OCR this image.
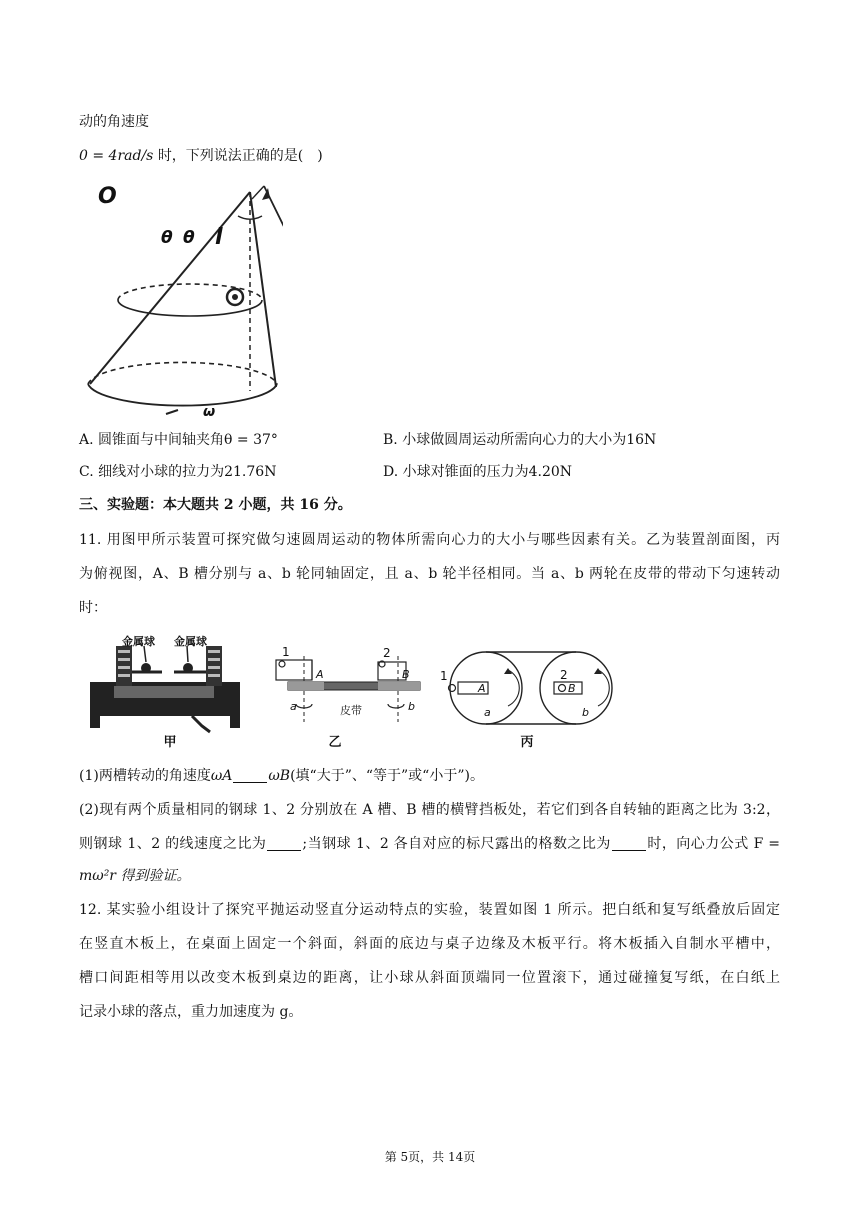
动的角速度
0 = 4rad/s 时，下列说法正确的是( )
O
θ θ l
ω
A. 圆锥面与中间轴夹角θ = 37°	B. 小球做圆周运动所需向心力的大小为16N
C. 细线对小球的拉力为21.76N	D. 小球对锥面的压力为4.20N
三、实验题：本大题共 2 小题，共 16 分。
11. 用图甲所示装置可探究做匀速圆周运动的物体所需向心力的大小与哪些因素有关。乙为装置剖面图，丙
为俯视图，A、B 槽分别与 a、b 轮同轴固定，且 a、b 轮半径相同。当 a、b 两轮在皮带的带动下匀速转动
时：
金属球 金属球
甲
1	2
A	B
a	b
皮带
乙
1	2
A	B
a	b
丙
(1)两槽转动的角速度ωA	ωB(填“大于”、“等于”或“小于”)。
(2)现有两个质量相同的钢球 1、2 分别放在 A 槽、B 槽的横臂挡板处，若它们到各自转轴的距离之比为 3:2，
则钢球 1、2 的线速度之比为	;当钢球 1、2 各自对应的标尺露出的格数之比为	时，向心力公式 F =
mω²r 得到验证。
12. 某实验小组设计了探究平抛运动竖直分运动特点的实验，装置如图 1 所示。把白纸和复写纸叠放后固定
在竖直木板上，在桌面上固定一个斜面，斜面的底边与桌子边缘及木板平行。将木板插入自制水平槽中，
槽口间距相等用以改变木板到桌边的距离，让小球从斜面顶端同一位置滚下，通过碰撞复写纸，在白纸上
记录小球的落点，重力加速度为 g。
第 5页，共 14页
